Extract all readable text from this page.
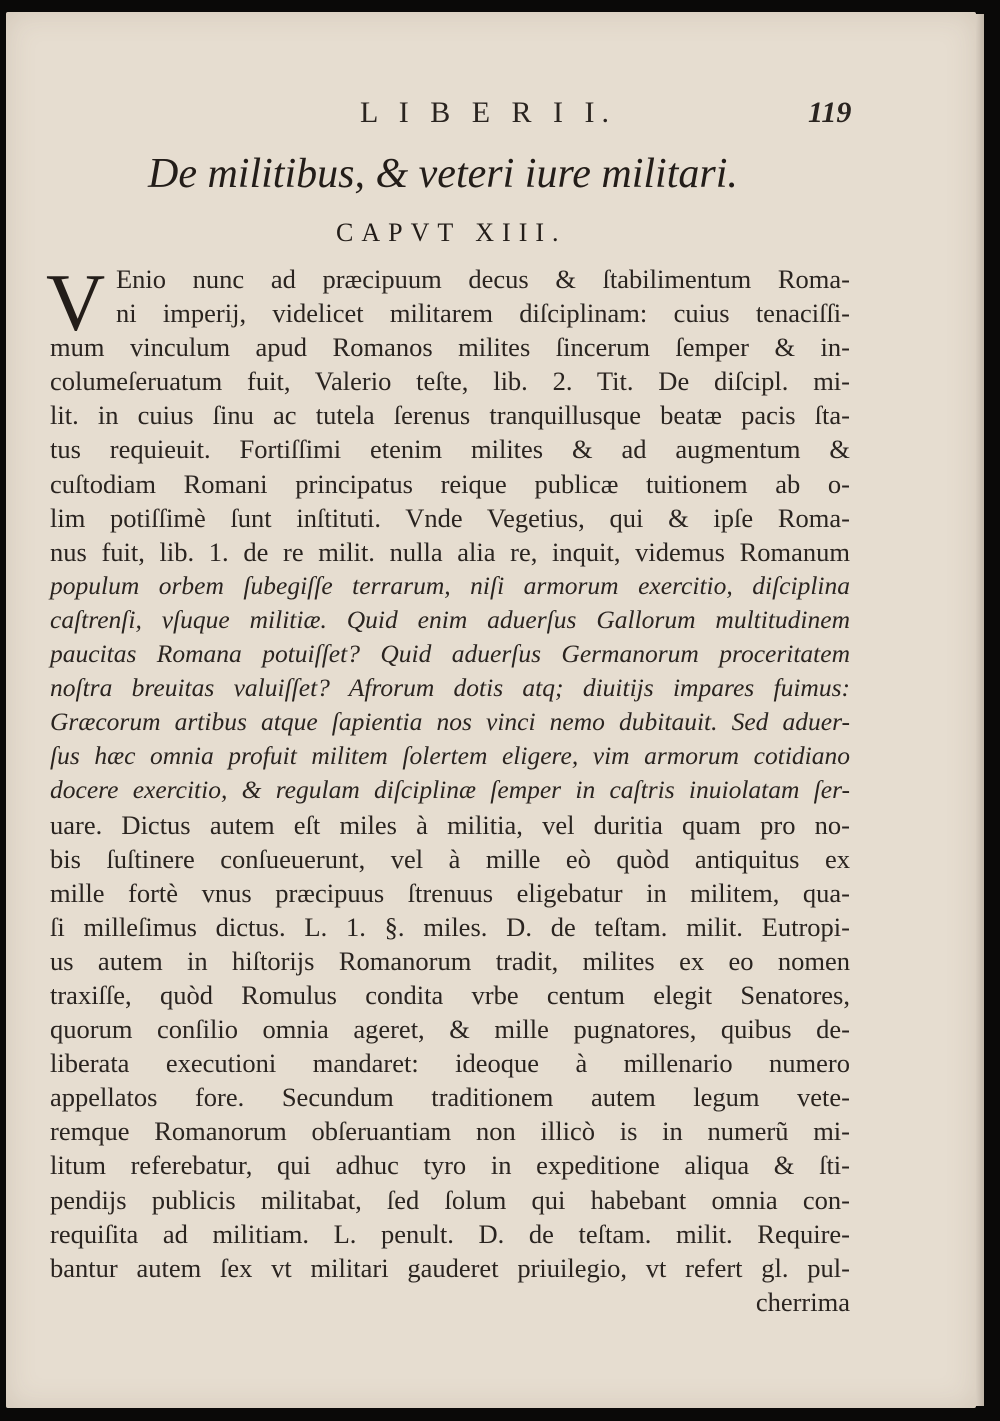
L I B E R I I.	119
De militibus, & veteri iure militari.
CAPVT XIII.
V Enio nunc ad præcipuum decus & ſtabilimentum Roma-
ni imperij, videlicet militarem diſciplinam: cuius tenaciſſi-
mum vinculum apud Romanos milites ſincerum ſemper & in-
columeſeruatum fuit, Valerio teſte, lib. 2. Tit. De diſcipl. mi-
lit. in cuius ſinu ac tutela ſerenus tranquillusque beatæ pacis ſta-
tus requieuit. Fortiſſimi etenim milites & ad augmentum &
cuſtodiam Romani principatus reique publicæ tuitionem ab o-
lim potiſſimè ſunt inſtituti. Vnde Vegetius, qui & ipſe Roma-
nus fuit, lib. 1. de re milit. nulla alia re, inquit, videmus Romanum
populum orbem ſubegiſſe terrarum, niſi armorum exercitio, diſciplina
caſtrenſi, vſuque militiæ. Quid enim aduerſus Gallorum multitudinem
paucitas Romana potuiſſet? Quid aduerſus Germanorum proceritatem
noſtra breuitas valuiſſet? Afrorum dotis atq; diuitijs impares fuimus:
Græcorum artibus atque ſapientia nos vinci nemo dubitauit. Sed aduer-
ſus hæc omnia profuit militem ſolertem eligere, vim armorum cotidiano
docere exercitio, & regulam diſciplinæ ſemper in caſtris inuiolatam ſer-
uare. Dictus autem eſt miles à militia, vel duritia quam pro no-
bis ſuſtinere conſueuerunt, vel à mille eò quòd antiquitus ex
mille fortè vnus præcipuus ſtrenuus eligebatur in militem, qua-
ſi milleſimus dictus. L. 1. §. miles. D. de teſtam. milit. Eutropi-
us autem in hiſtorijs Romanorum tradit, milites ex eo nomen
traxiſſe, quòd Romulus condita vrbe centum elegit Senatores,
quorum conſilio omnia ageret, & mille pugnatores, quibus de-
liberata executioni mandaret: ideoque à millenario numero
appellatos fore. Secundum traditionem autem legum vete-
remque Romanorum obſeruantiam non illicò is in numerũ mi-
litum referebatur, qui adhuc tyro in expeditione aliqua & ſti-
pendijs publicis militabat, ſed ſolum qui habebant omnia con-
requiſita ad militiam. L. penult. D. de teſtam. milit. Require-
bantur autem ſex vt militari gauderet priuilegio, vt refert gl. pul-
cherrima
